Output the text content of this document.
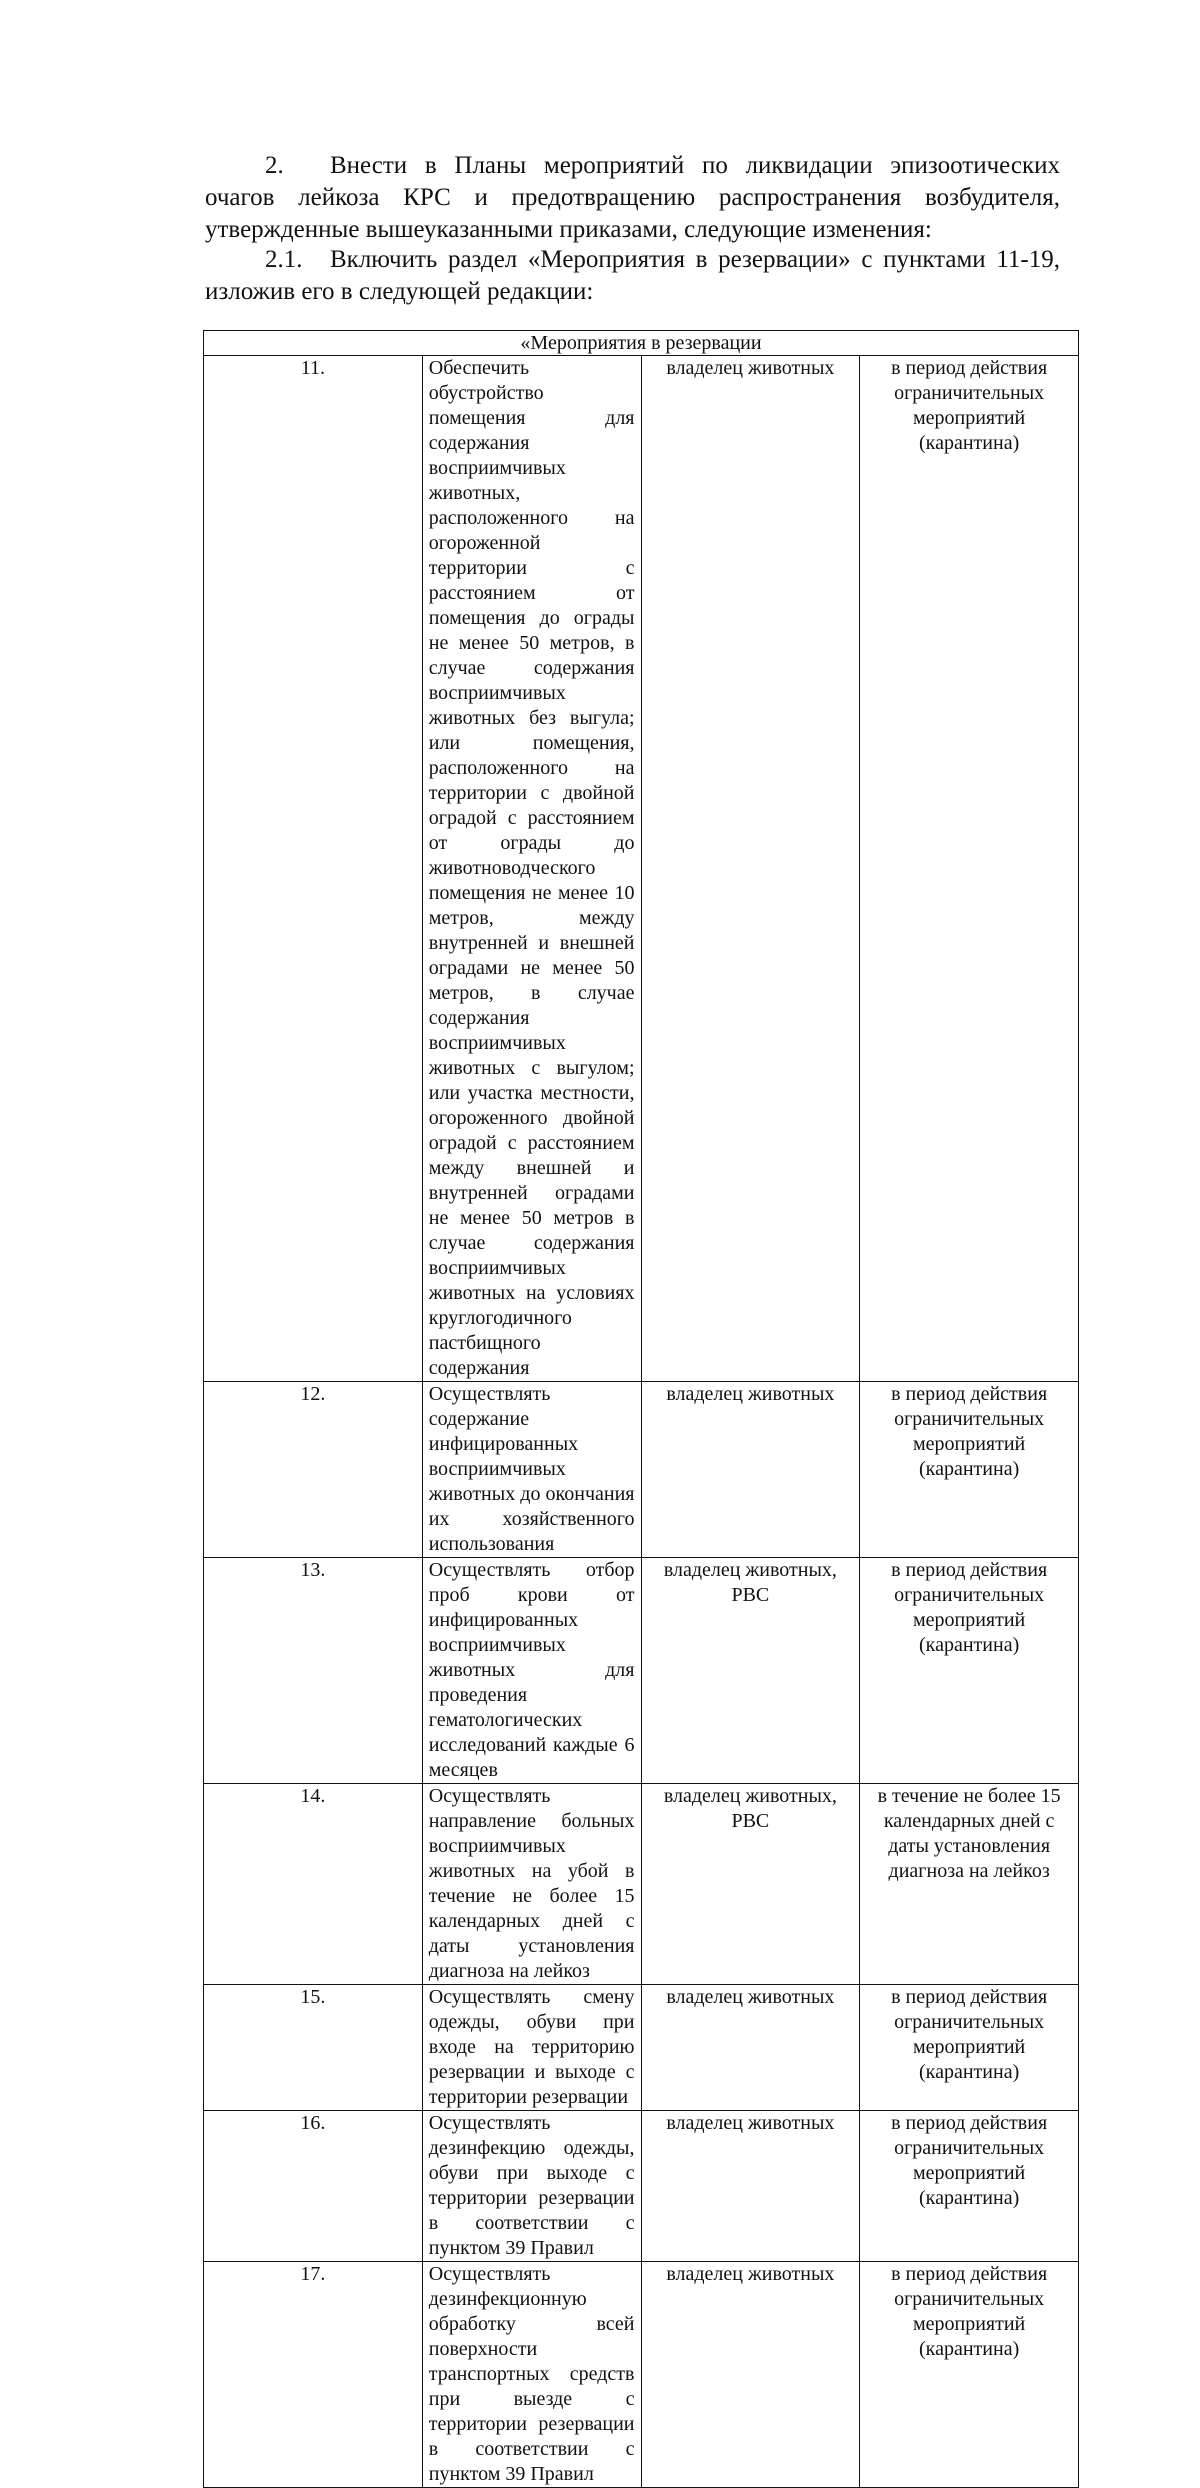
2. Внести в Планы мероприятий по ликвидации эпизоотических очагов лейкоза КРС и предотвращению распространения возбудителя, утвержденные вышеуказанными приказами, следующие изменения:

2.1. Включить раздел «Мероприятия в резервации» с пунктами 11-19, изложив его в следующей редакции:

«Мероприятия в резервации			
11.	Обеспечить обустройство помещения для содержания восприимчивых животных, расположенного на огороженной территории с расстоянием от помещения до ограды не менее 50 метров, в случае содержания восприимчивых животных без выгула; или помещения, расположенного на территории с двойной оградой с расстоянием от ограды до животноводческого помещения не менее 10 метров, между внутренней и внешней оградами не менее 50 метров, в случае содержания восприимчивых животных с выгулом; или участка местности, огороженного двойной оградой с расстоянием между внешней и внутренней оградами не менее 50 метров в случае содержания восприимчивых животных на условиях круглогодичного пастбищного содержания	владелец животных	в период действия ограничительных мероприятий (карантина)
12.	Осуществлять содержание инфицированных восприимчивых животных до окончания их хозяйственного использования	владелец животных	в период действия ограничительных мероприятий (карантина)
13.	Осуществлять отбор проб крови от инфицированных восприимчивых животных для проведения гематологических исследований каждые 6 месяцев	владелец животных, РВС	в период действия ограничительных мероприятий (карантина)
14.	Осуществлять направление больных восприимчивых животных на убой в течение не более 15 календарных дней с даты установления диагноза на лейкоз	владелец животных, РВС	в течение не более 15 календарных дней с даты установления диагноза на лейкоз
15.	Осуществлять смену одежды, обуви при входе на территорию резервации и выходе с территории резервации	владелец животных	в период действия ограничительных мероприятий (карантина)
16.	Осуществлять дезинфекцию одежды, обуви при выходе с территории резервации в соответствии с пунктом 39 Правил	владелец животных	в период действия ограничительных мероприятий (карантина)
17.	Осуществлять дезинфекционную обработку всей поверхности транспортных средств при выезде с территории резервации в соответствии с пунктом 39 Правил	владелец животных	в период действия ограничительных мероприятий (карантина)
